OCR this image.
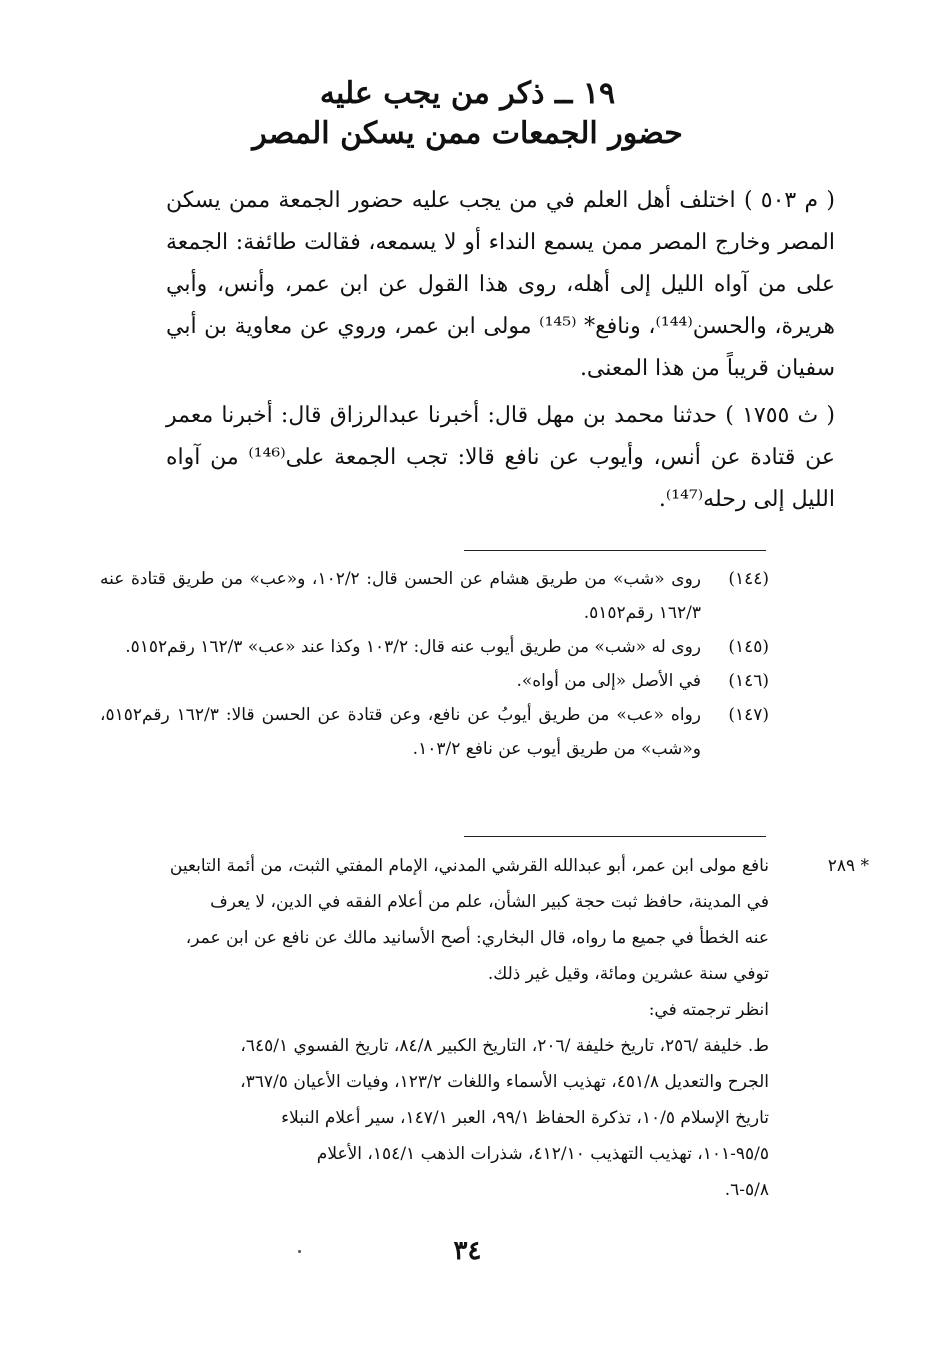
١٩ ــ ذكر من يجب عليه
حضور الجمعات ممن يسكن المصر
( م ٥٠٣ ) اختلف أهل العلم في من يجب عليه حضور الجمعة ممن يسكن المصر وخارج المصر ممن يسمع النداء أو لا يسمعه، فقالت طائفة: الجمعة على من آواه الليل إلى أهله، روى هذا القول عن ابن عمر، وأنس، وأبي هريرة، والحسن⁽¹⁴⁴⁾، ونافع* ⁽¹⁴⁵⁾ مولى ابن عمر، وروي عن معاوية بن أبي سفيان قريباً من هذا المعنى.
( ث ١٧٥٥ ) حدثنا محمد بن مهل قال: أخبرنا عبدالرزاق قال: أخبرنا معمر عن قتادة عن أنس، وأيوب عن نافع قالا: تجب الجمعة على⁽¹⁴⁶⁾ من آواه الليل إلى رحله⁽¹⁴⁷⁾.
(١٤٤)
روى «شب» من طريق هشام عن الحسن قال: ١٠٢/٢، و«عب» من طريق قتادة عنه ١٦٢/٣ رقم٥١٥٢.
(١٤٥)
روى له «شب» من طريق أيوب عنه قال: ١٠٣/٢ وكذا عند «عب» ١٦٢/٣ رقم٥١٥٢.
(١٤٦)
في الأصل «إلى من أواه».
(١٤٧)
رواه «عب» من طريق أيوبُ عن نافع، وعن قتادة عن الحسن قالا: ١٦٢/٣ رقم٥١٥٢، و«شب» من طريق أيوب عن نافع ١٠٣/٢.
* ٢٨٩
نافع مولى ابن عمر، أبو عبدالله القرشي المدني، الإمام المفتي الثبت، من أئمة التابعين
في المدينة، حافظ ثبت حجة كبير الشأن، علم من أعلام الفقه في الدين، لا يعرف
عنه الخطأ في جميع ما رواه، قال البخاري: أصح الأسانيد مالك عن نافع عن ابن عمر،
توفي سنة عشرين ومائة، وقيل غير ذلك.
انظر ترجمته في:
ط. خليفة /٢٥٦، تاريخ خليفة /٢٠٦، التاريخ الكبير ٨٤/٨، تاريخ الفسوي ٦٤٥/١،
الجرح والتعديل ٤٥١/٨، تهذيب الأسماء واللغات ١٢٣/٢، وفيات الأعيان ٣٦٧/٥،
تاريخ الإسلام ١٠/٥، تذكرة الحفاظ ٩٩/١، العبر ١٤٧/١، سير أعلام النبلاء
٩٥/٥-١٠١، تهذيب التهذيب ٤١٢/١٠، شذرات الذهب ١٥٤/١، الأعلام
٥/٨-٦.
٣٤
